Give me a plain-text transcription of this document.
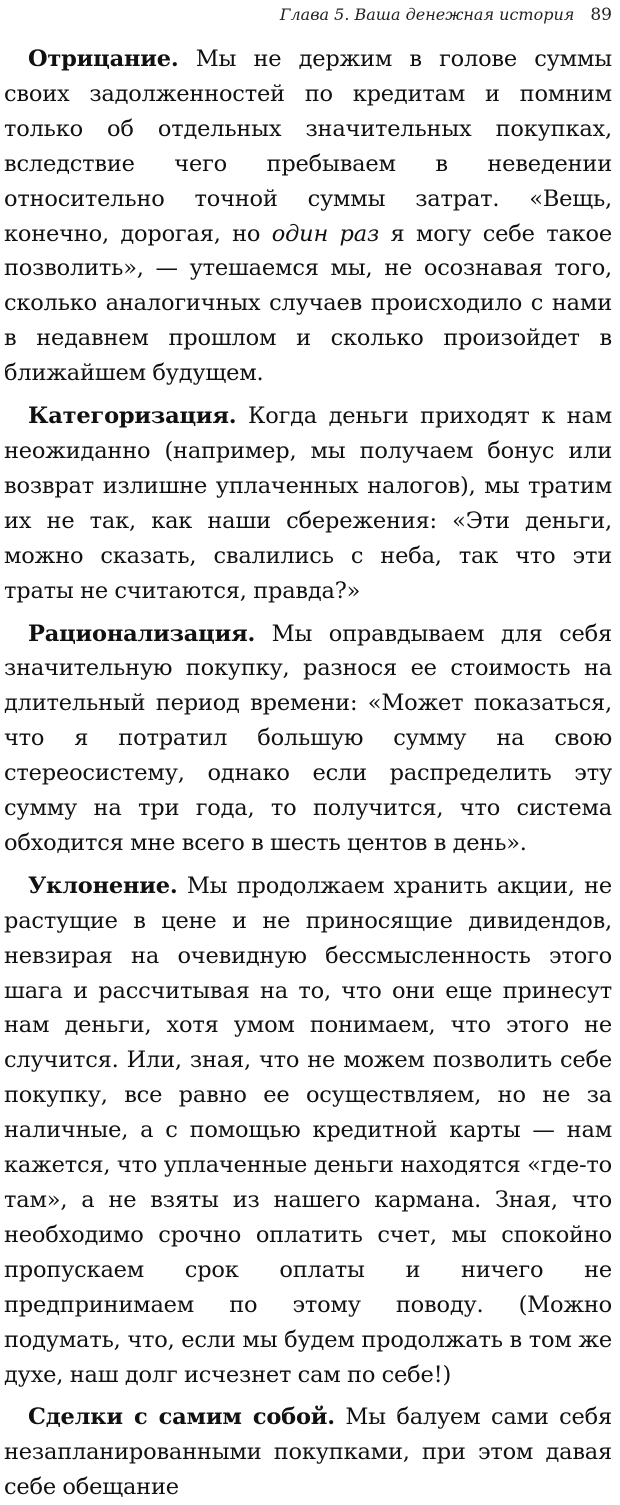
Глава 5. Ваша денежная история 89

Отрицание. Мы не держим в голове суммы своих задолженностей по кредитам и помним только об отдельных значительных покупках, вследствие чего пребываем в неведении относительно точной суммы затрат. «Вещь, конечно, дорогая, но один раз я могу себе такое позволить», — утешаемся мы, не осознавая того, сколько аналогичных случаев происходило с нами в недавнем прошлом и сколько произойдет в ближайшем будущем.

Категоризация. Когда деньги приходят к нам неожиданно (например, мы получаем бонус или возврат излишне уплаченных налогов), мы тратим их не так, как наши сбережения: «Эти деньги, можно сказать, свалились с неба, так что эти траты не считаются, правда?»

Рационализация. Мы оправдываем для себя значительную покупку, разнося ее стоимость на длительный период времени: «Может показаться, что я потратил большую сумму на свою стереосистему, однако если распределить эту сумму на три года, то получится, что система обходится мне всего в шесть центов в день».

Уклонение. Мы продолжаем хранить акции, не растущие в цене и не приносящие дивидендов, невзирая на очевидную бессмысленность этого шага и рассчитывая на то, что они еще принесут нам деньги, хотя умом понимаем, что этого не случится. Или, зная, что не можем позволить себе покупку, все равно ее осуществляем, но не за наличные, а с помощью кредитной карты — нам кажется, что уплаченные деньги находятся «где-то там», а не взяты из нашего кармана. Зная, что необходимо срочно оплатить счет, мы спокойно пропускаем срок оплаты и ничего не предпринимаем по этому поводу. (Можно подумать, что, если мы будем продолжать в том же духе, наш долг исчезнет сам по себе!)

Сделки с самим собой. Мы балуем сами себя незапланированными покупками, при этом давая себе обещание
